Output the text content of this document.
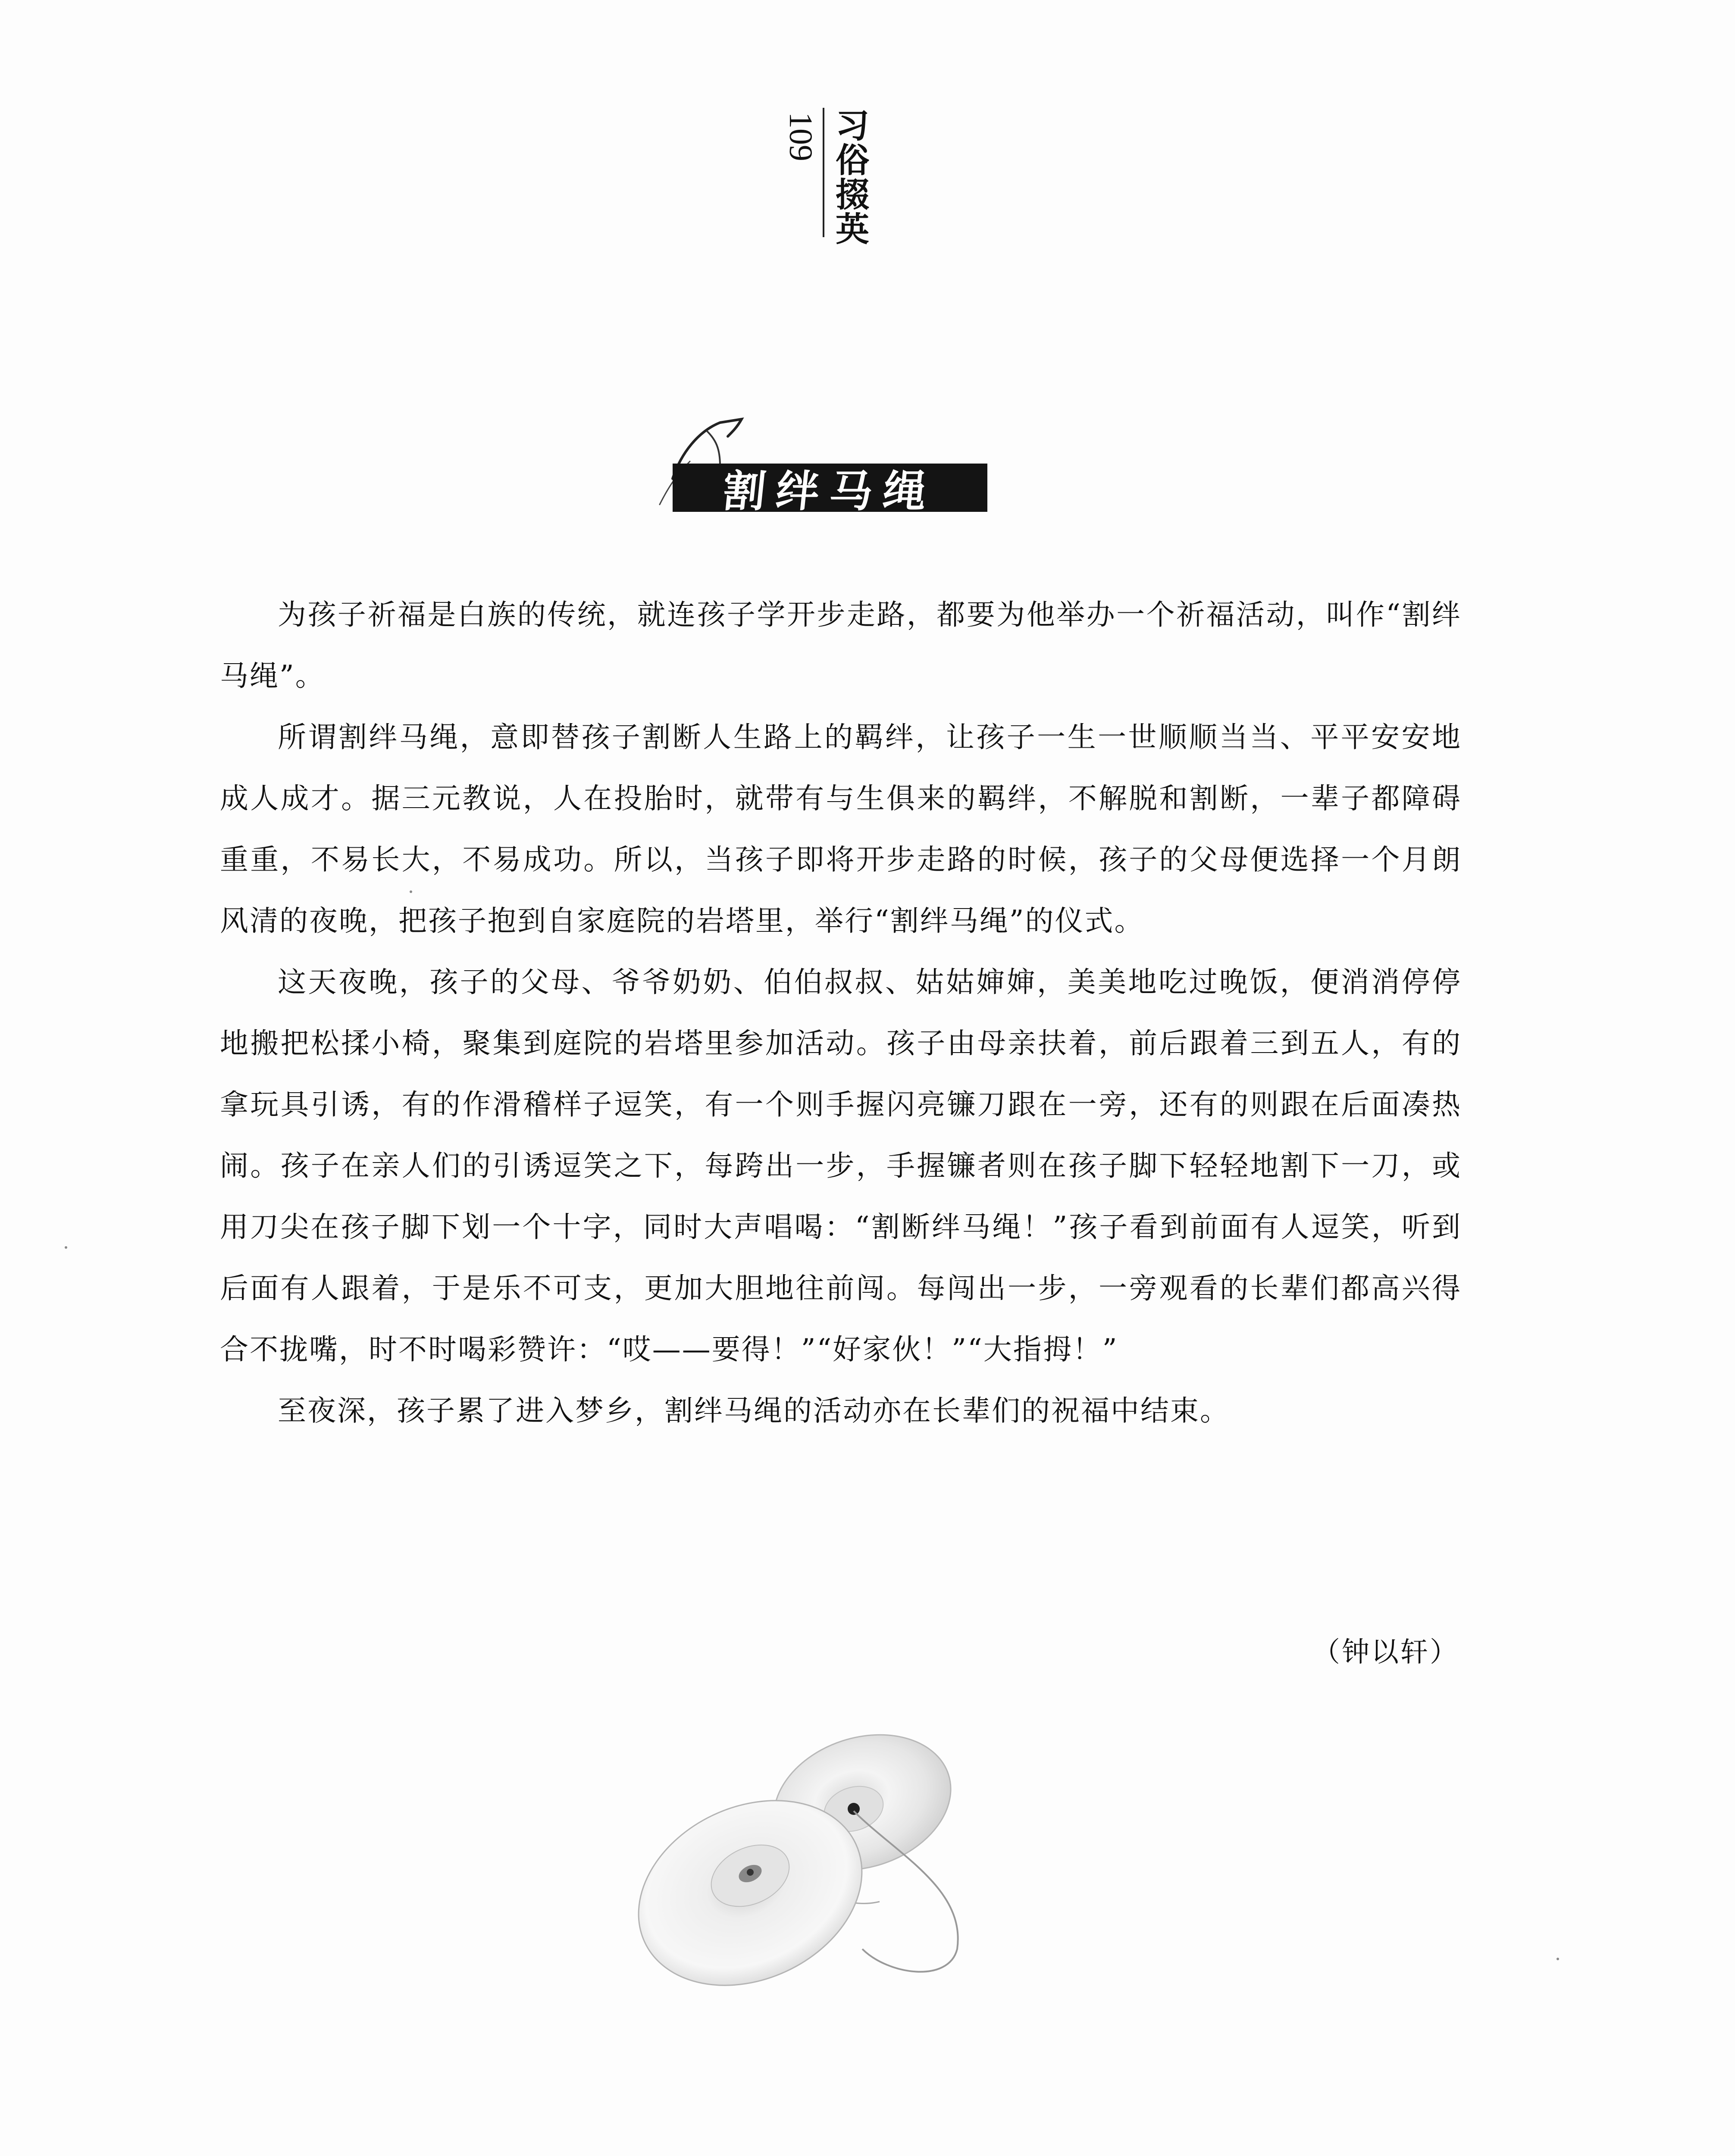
习俗掇英
109
割绊马绳

为孩子祈福是白族的传统，就连孩子学开步走路，都要为他举办一个祈福活动，叫作“割绊马绳”。

所谓割绊马绳，意即替孩子割断人生路上的羁绊，让孩子一生一世顺顺当当、平平安安地成人成才。据三元教说，人在投胎时，就带有与生俱来的羁绊，不解脱和割断，一辈子都障碍重重，不易长大，不易成功。所以，当孩子即将开步走路的时候，孩子的父母便选择一个月朗风清的夜晚，把孩子抱到自家庭院的岩塔里，举行“割绊马绳”的仪式。

这天夜晚，孩子的父母、爷爷奶奶、伯伯叔叔、姑姑婶婶，美美地吃过晚饭，便消消停停地搬把松揉小椅，聚集到庭院的岩塔里参加活动。孩子由母亲扶着，前后跟着三到五人，有的拿玩具引诱，有的作滑稽样子逗笑，有一个则手握闪亮镰刀跟在一旁，还有的则跟在后面凑热闹。孩子在亲人们的引诱逗笑之下，每跨出一步，手握镰者则在孩子脚下轻轻地割下一刀，或用刀尖在孩子脚下划一个十字，同时大声唱喝：“割断绊马绳！”孩子看到前面有人逗笑，听到后面有人跟着，于是乐不可支，更加大胆地往前闯。每闯出一步，一旁观看的长辈们都高兴得合不拢嘴，时不时喝彩赞许：“哎——要得！”“好家伙！”“大指拇！”

至夜深，孩子累了进入梦乡，割绊马绳的活动亦在长辈们的祝福中结束。

（钟以轩）
